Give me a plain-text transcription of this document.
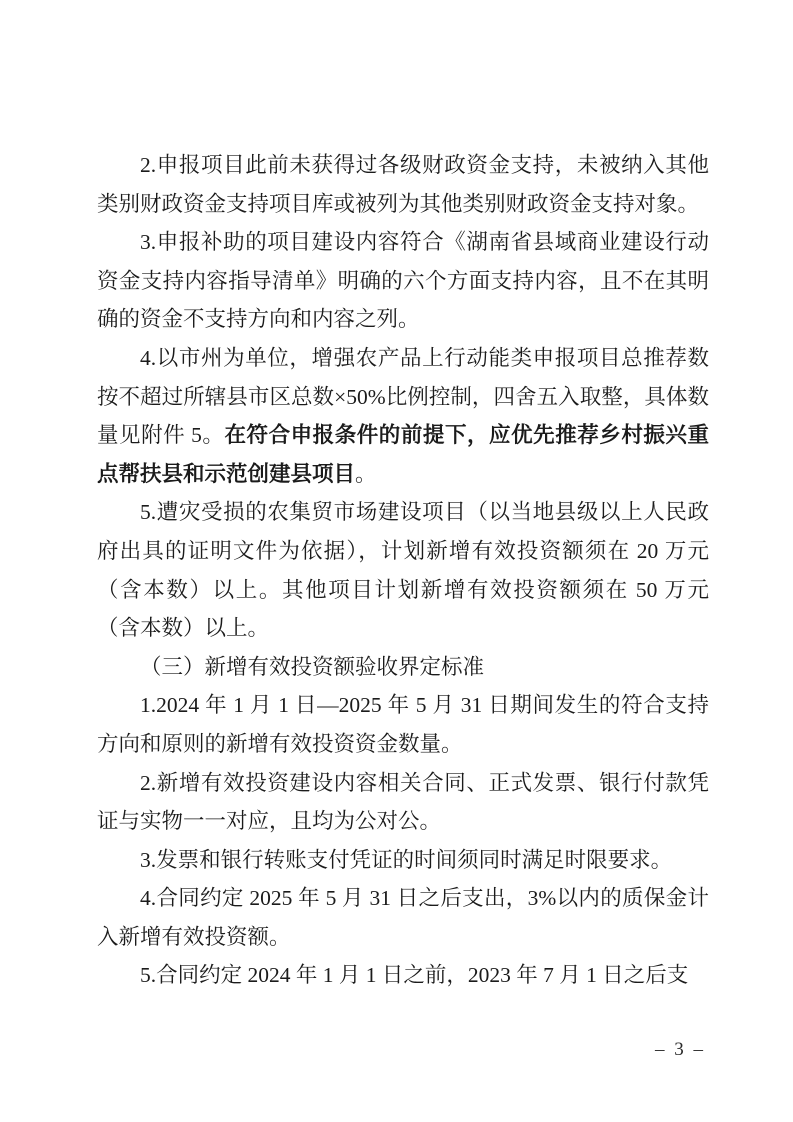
2.申报项目此前未获得过各级财政资金支持，未被纳入其他类别财政资金支持项目库或被列为其他类别财政资金支持对象。

3.申报补助的项目建设内容符合《湖南省县域商业建设行动资金支持内容指导清单》明确的六个方面支持内容，且不在其明确的资金不支持方向和内容之列。

4.以市州为单位，增强农产品上行动能类申报项目总推荐数按不超过所辖县市区总数×50%比例控制，四舍五入取整，具体数量见附件 5。在符合申报条件的前提下，应优先推荐乡村振兴重点帮扶县和示范创建县项目。

5.遭灾受损的农集贸市场建设项目（以当地县级以上人民政府出具的证明文件为依据），计划新增有效投资额须在 20 万元（含本数）以上。其他项目计划新增有效投资额须在 50 万元（含本数）以上。

（三）新增有效投资额验收界定标准

1.2024 年 1 月 1 日—2025 年 5 月 31 日期间发生的符合支持方向和原则的新增有效投资资金数量。

2.新增有效投资建设内容相关合同、正式发票、银行付款凭证与实物一一对应，且均为公对公。

3.发票和银行转账支付凭证的时间须同时满足时限要求。

4.合同约定 2025 年 5 月 31 日之后支出，3%以内的质保金计入新增有效投资额。

5.合同约定 2024 年 1 月 1 日之前，2023 年 7 月 1 日之后支

– 3 –
